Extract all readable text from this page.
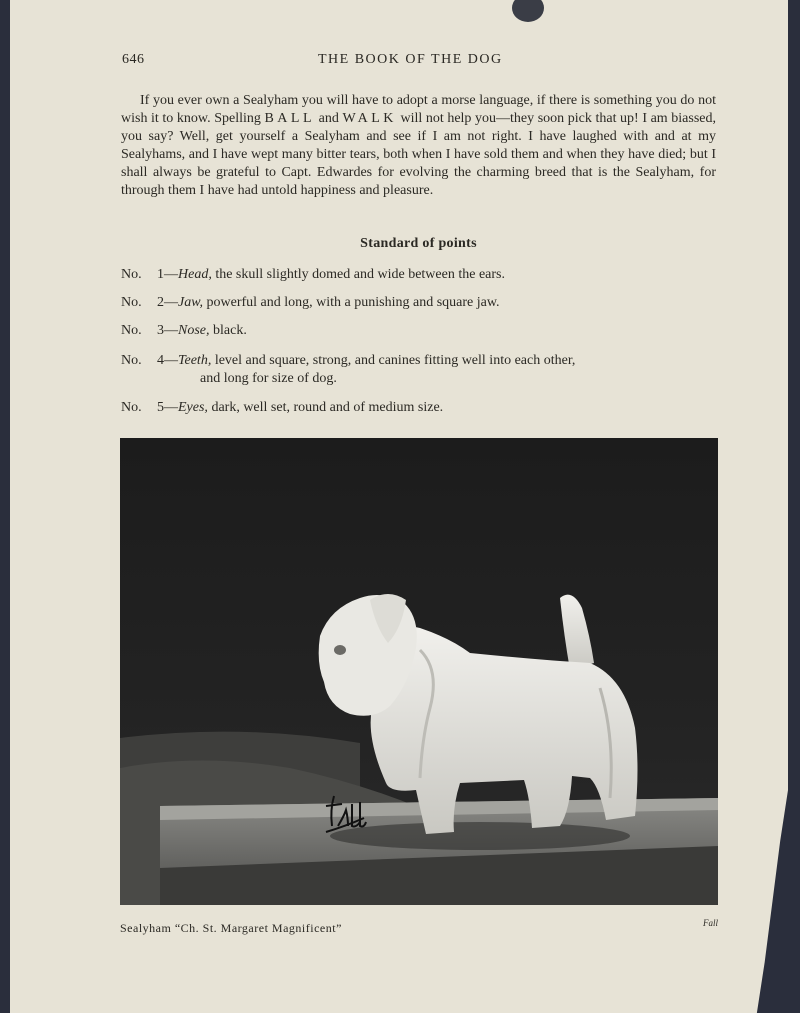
646	THE BOOK OF THE DOG

If you ever own a Sealyham you will have to adopt a morse language, if there is something you do not wish it to know. Spelling BALL and WALK will not help you—they soon pick that up! I am biassed, you say? Well, get yourself a Sealyham and see if I am not right. I have laughed with and at my Sealyhams, and I have wept many bitter tears, both when I have sold them and when they have died; but I shall always be grateful to Capt. Edwardes for evolving the charming breed that is the Sealyham, for through them I have had untold happiness and pleasure.

Standard of points
No. 1—Head, the skull slightly domed and wide between the ears.
No. 2—Jaw, powerful and long, with a punishing and square jaw.
No. 3—Nose, black.
No. 4—Teeth, level and square, strong, and canines fitting well into each other,
and long for size of dog.
No. 5—Eyes, dark, well set, round and of medium size.
Sealyham “Ch. St. Margaret Magnificent”	Fall
